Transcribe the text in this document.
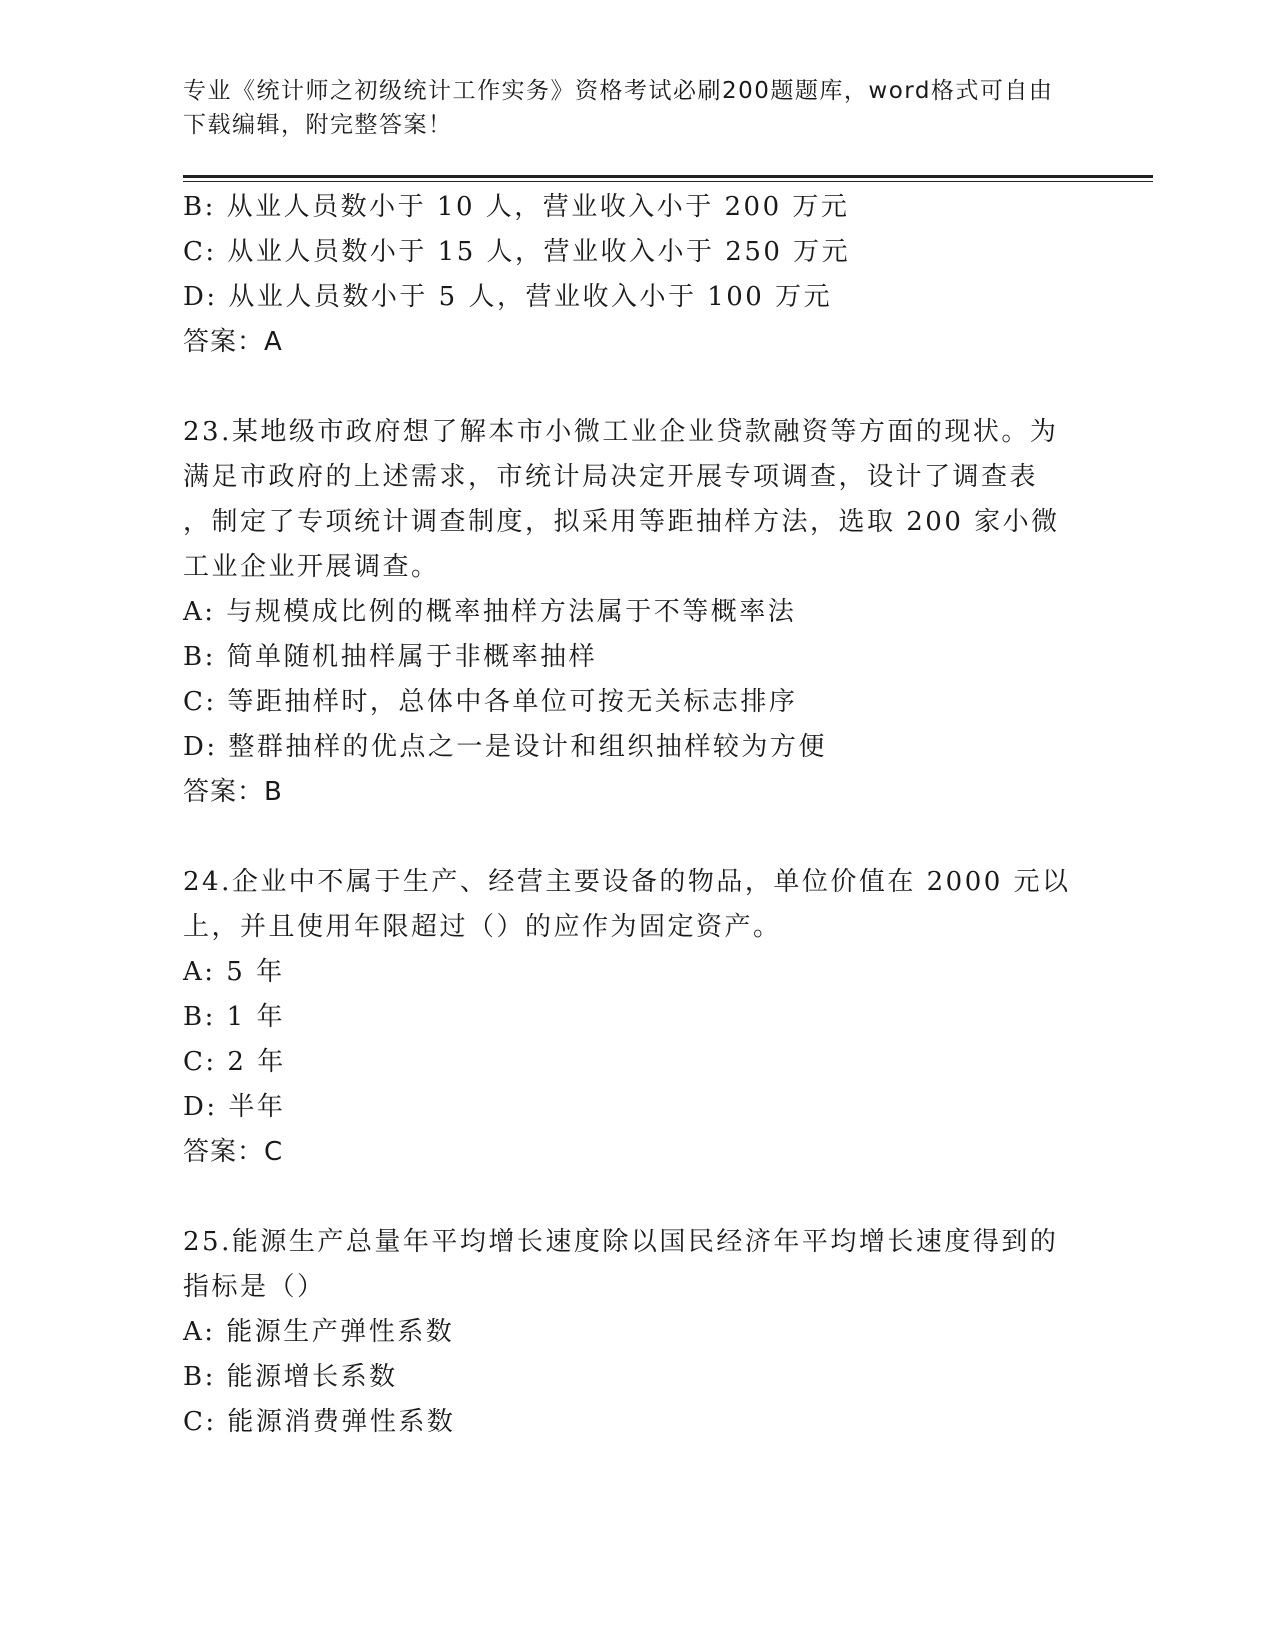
专业《统计师之初级统计工作实务》资格考试必刷200题题库，word格式可自由
下载编辑，附完整答案！
B: 从业人员数小于 10 人，营业收入小于 200 万元
C: 从业人员数小于 15 人，营业收入小于 250 万元
D: 从业人员数小于 5 人，营业收入小于 100 万元
答案：A
23.某地级市政府想了解本市小微工业企业贷款融资等方面的现状。为
满足市政府的上述需求，市统计局决定开展专项调查，设计了调查表
，制定了专项统计调查制度，拟采用等距抽样方法，选取 200 家小微
工业企业开展调查。
A: 与规模成比例的概率抽样方法属于不等概率法
B: 简单随机抽样属于非概率抽样
C: 等距抽样时，总体中各单位可按无关标志排序
D: 整群抽样的优点之一是设计和组织抽样较为方便
答案：B
24.企业中不属于生产、经营主要设备的物品，单位价值在 2000 元以
上，并且使用年限超过（）的应作为固定资产。
A: 5 年
B: 1 年
C: 2 年
D: 半年
答案：C
25.能源生产总量年平均增长速度除以国民经济年平均增长速度得到的
指标是（）
A: 能源生产弹性系数
B: 能源增长系数
C: 能源消费弹性系数
